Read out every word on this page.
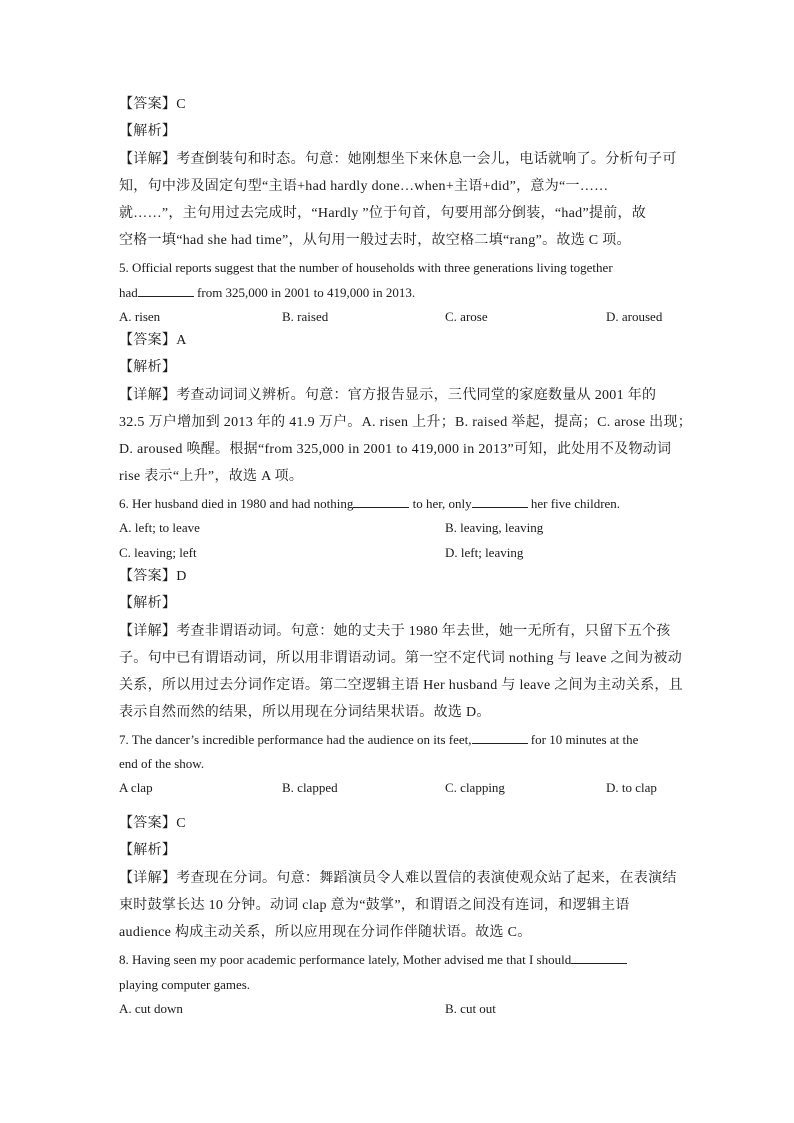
【答案】C
【解析】
【详解】考查倒装句和时态。句意：她刚想坐下来休息一会儿，电话就响了。分析句子可
知，句中涉及固定句型“主语+had hardly done…when+主语+did”，意为“一……
就……”，主句用过去完成时，“Hardly ”位于句首，句要用部分倒装，“had”提前，故
空格一填“had she had time”，从句用一般过去时，故空格二填“rang”。故选 C 项。
5. Official reports suggest that the number of households with three generations living together
had	from 325,000 in 2001 to 419,000 in 2013.
A. risen	B. raised	C. arose	D. aroused
【答案】A
【解析】
【详解】考查动词词义辨析。句意：官方报告显示，三代同堂的家庭数量从 2001 年的
32.5 万户增加到 2013 年的 41.9 万户。A. risen 上升；B. raised 举起，提高；C. arose 出现；
D. aroused 唤醒。根据“from 325,000 in 2001 to 419,000 in 2013”可知，此处用不及物动词
rise 表示“上升”，故选 A 项。
6. Her husband died in 1980 and had nothing	to her, only	her five children.
A. left; to leave	B. leaving, leaving
C. leaving; left	D. left; leaving
【答案】D
【解析】
【详解】考查非谓语动词。句意：她的丈夫于 1980 年去世，她一无所有，只留下五个孩
子。句中已有谓语动词，所以用非谓语动词。第一空不定代词 nothing 与 leave 之间为被动
关系，所以用过去分词作定语。第二空逻辑主语 Her husband 与 leave 之间为主动关系，且
表示自然而然的结果，所以用现在分词结果状语。故选 D。
7. The dancer’s incredible performance had the audience on its feet,	for 10 minutes at the
end of the show.
A clap	B. clapped	C. clapping	D. to clap
【答案】C
【解析】
【详解】考查现在分词。句意：舞蹈演员令人难以置信的表演使观众站了起来，在表演结
束时鼓掌长达 10 分钟。动词 clap 意为“鼓掌”，和谓语之间没有连词，和逻辑主语
audience 构成主动关系，所以应用现在分词作伴随状语。故选 C。
8. Having seen my poor academic performance lately, Mother advised me that I should
playing computer games.
A. cut down	B. cut out
